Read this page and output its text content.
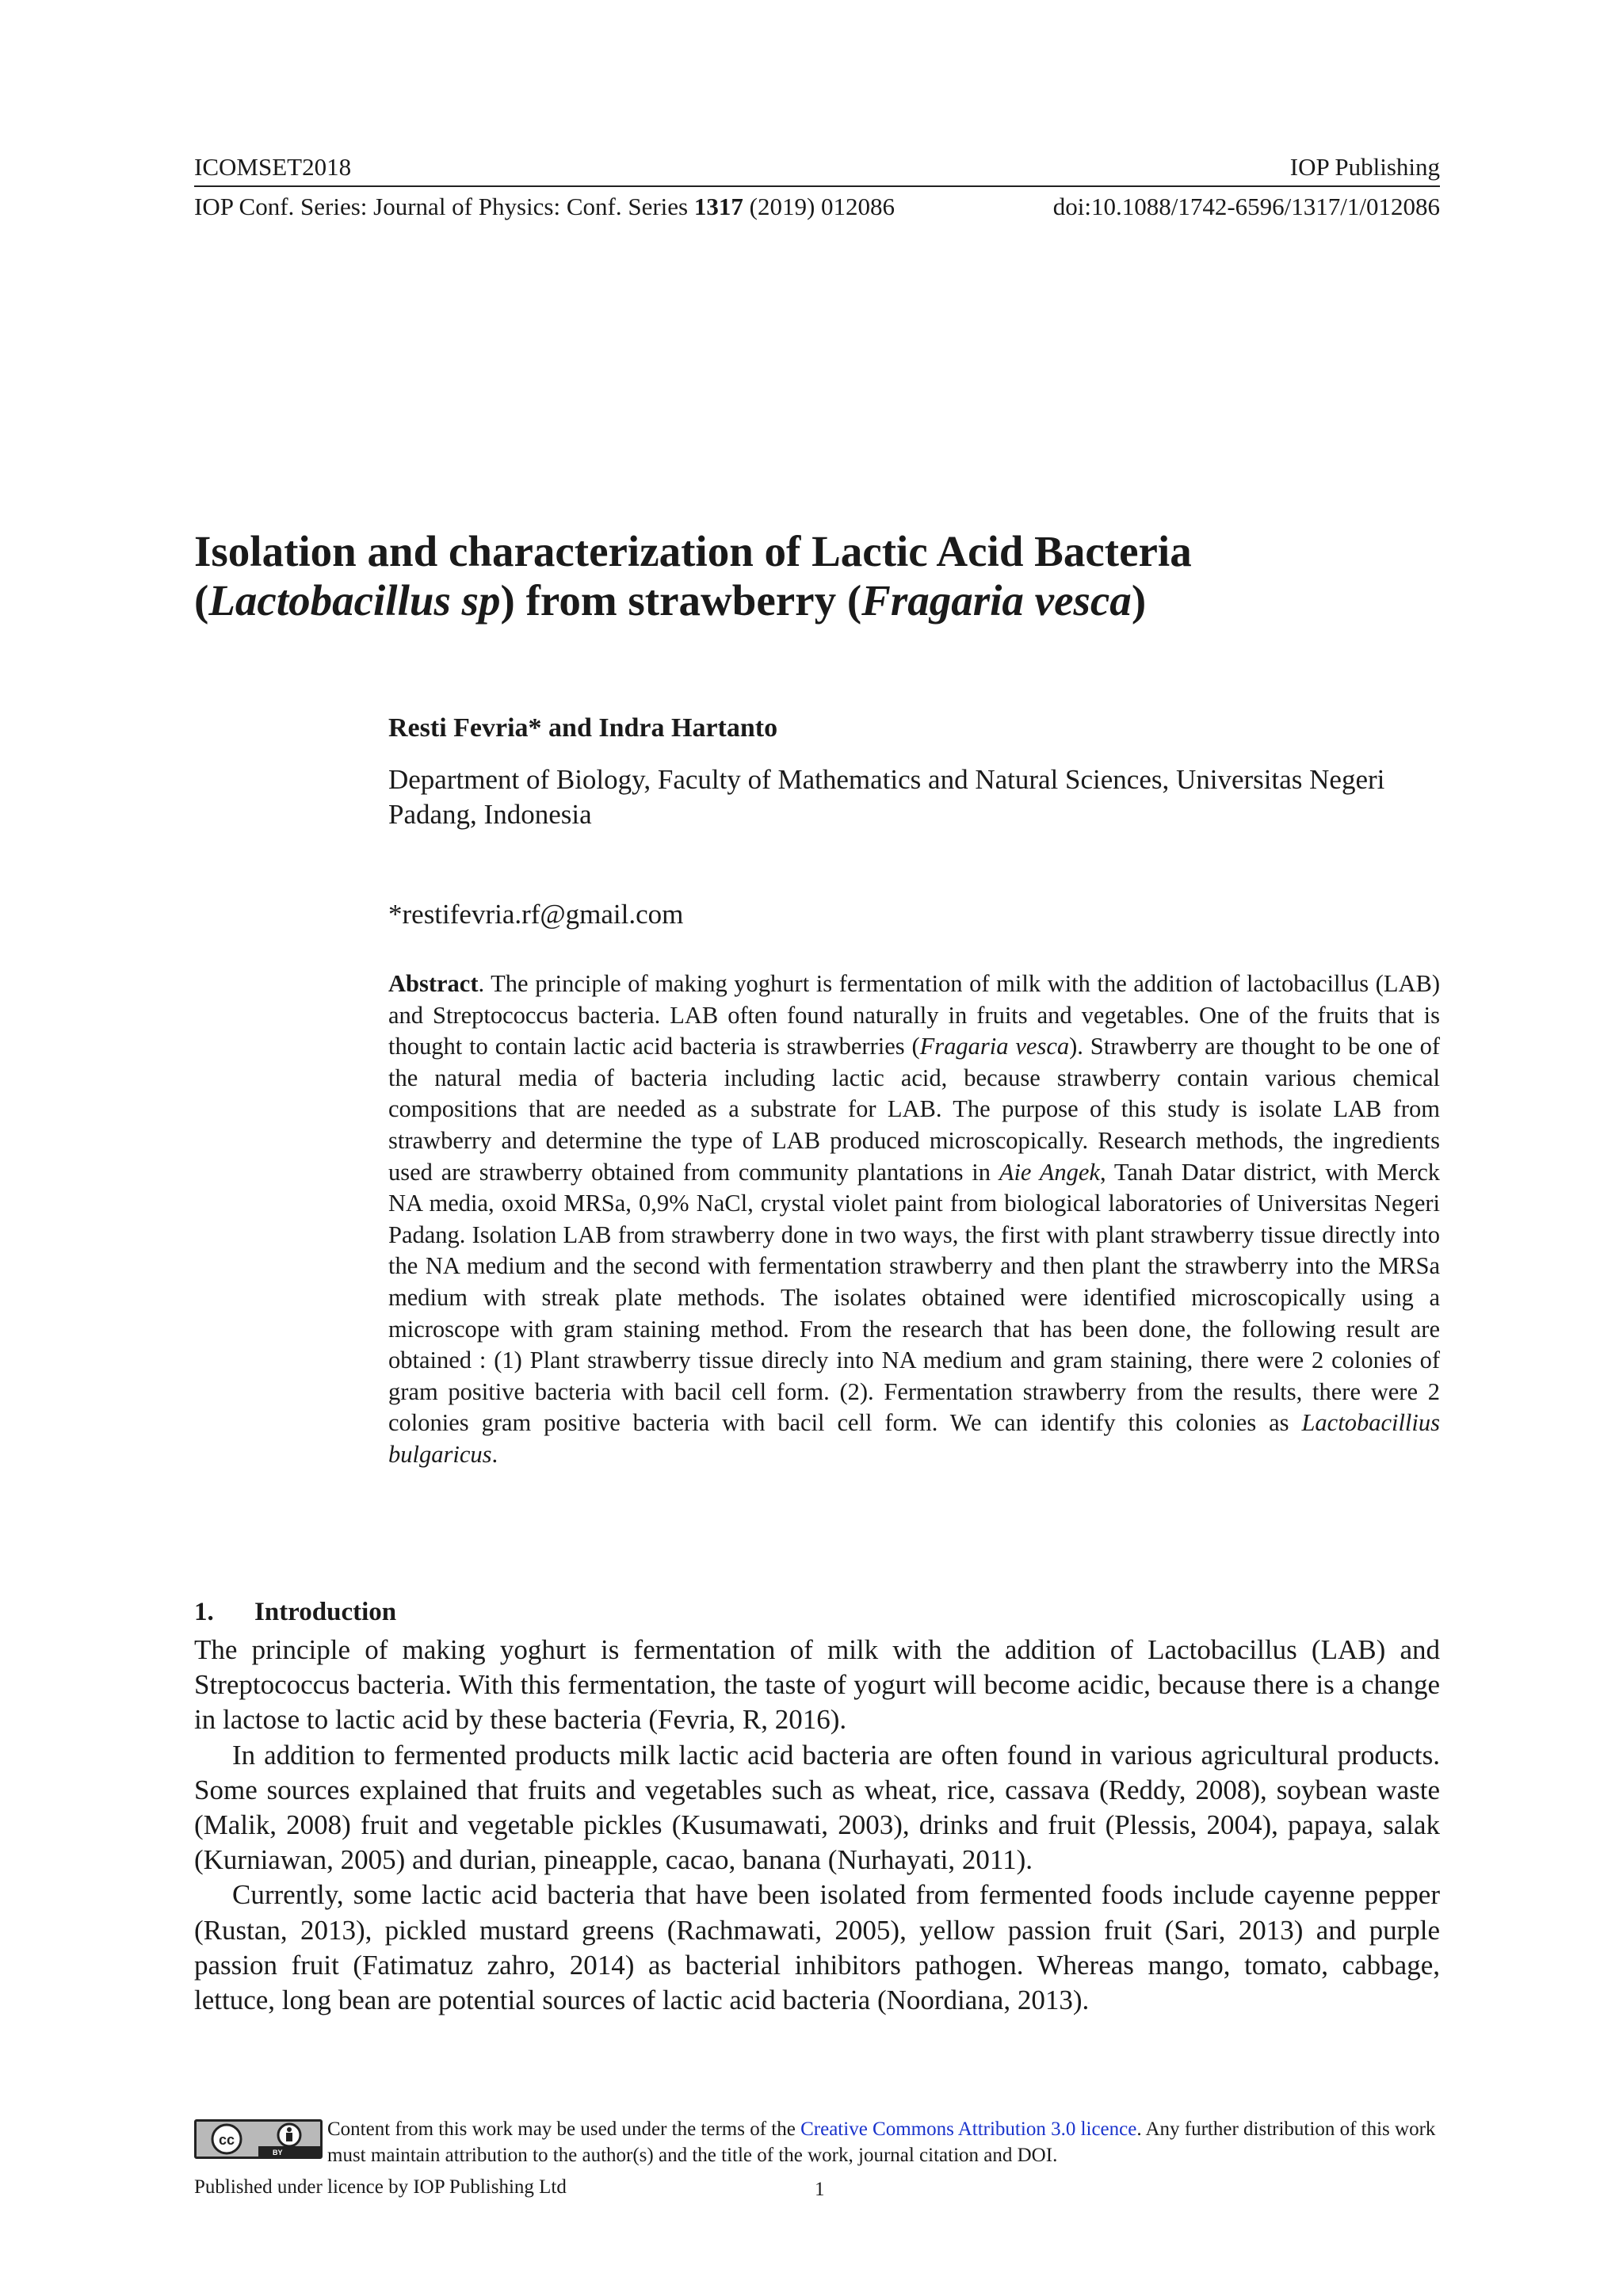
ICOMSET2018	IOP Publishing
IOP Conf. Series: Journal of Physics: Conf. Series 1317 (2019) 012086	doi:10.1088/1742-6596/1317/1/012086
Isolation and characterization of Lactic Acid Bacteria
(Lactobacillus sp) from strawberry (Fragaria vesca)
Resti Fevria* and Indra Hartanto
Department of Biology, Faculty of Mathematics and Natural Sciences, Universitas Negeri Padang, Indonesia
*restifevria.rf@gmail.com
Abstract. The principle of making yoghurt is fermentation of milk with the addition of lactobacillus (LAB) and Streptococcus bacteria. LAB often found naturally in fruits and vegetables. One of the fruits that is thought to contain lactic acid bacteria is strawberries (Fragaria vesca). Strawberry are thought to be one of the natural media of bacteria including lactic acid, because strawberry contain various chemical compositions that are needed as a substrate for LAB. The purpose of this study is isolate LAB from strawberry and determine the type of LAB produced microscopically. Research methods, the ingredients used are strawberry obtained from community plantations in Aie Angek, Tanah Datar district, with Merck NA media, oxoid MRSa, 0,9% NaCl, crystal violet paint from biological laboratories of Universitas Negeri Padang. Isolation LAB from strawberry done in two ways, the first with plant strawberry tissue directly into the NA medium and the second with fermentation strawberry and then plant the strawberry into the MRSa medium with streak plate methods. The isolates obtained were identified microscopically using a microscope with gram staining method. From the research that has been done, the following result are obtained : (1) Plant strawberry tissue direcly into NA medium and gram staining, there were 2 colonies of gram positive bacteria with bacil cell form. (2). Fermentation strawberry from the results, there were 2 colonies gram positive bacteria with bacil cell form. We can identify this colonies as Lactobacillius bulgaricus.
1. Introduction

The principle of making yoghurt is fermentation of milk with the addition of Lactobacillus (LAB) and Streptococcus bacteria. With this fermentation, the taste of yogurt will become acidic, because there is a change in lactose to lactic acid by these bacteria (Fevria, R, 2016).

In addition to fermented products milk lactic acid bacteria are often found in various agricultural products. Some sources explained that fruits and vegetables such as wheat, rice, cassava (Reddy, 2008), soybean waste (Malik, 2008) fruit and vegetable pickles (Kusumawati, 2003), drinks and fruit (Plessis, 2004), papaya, salak (Kurniawan, 2005) and durian, pineapple, cacao, banana (Nurhayati, 2011).

Currently, some lactic acid bacteria that have been isolated from fermented foods include cayenne pepper (Rustan, 2013), pickled mustard greens (Rachmawati, 2005), yellow passion fruit (Sari, 2013) and purple passion fruit (Fatimatuz zahro, 2014) as bacterial inhibitors pathogen. Whereas mango, tomato, cabbage, lettuce, long bean are potential sources of lactic acid bacteria (Noordiana, 2013).

cc
BY
Content from this work may be used under the terms of the Creative Commons Attribution 3.0 licence. Any further distribution of this work must maintain attribution to the author(s) and the title of the work, journal citation and DOI.
Published under licence by IOP Publishing Ltd	1
